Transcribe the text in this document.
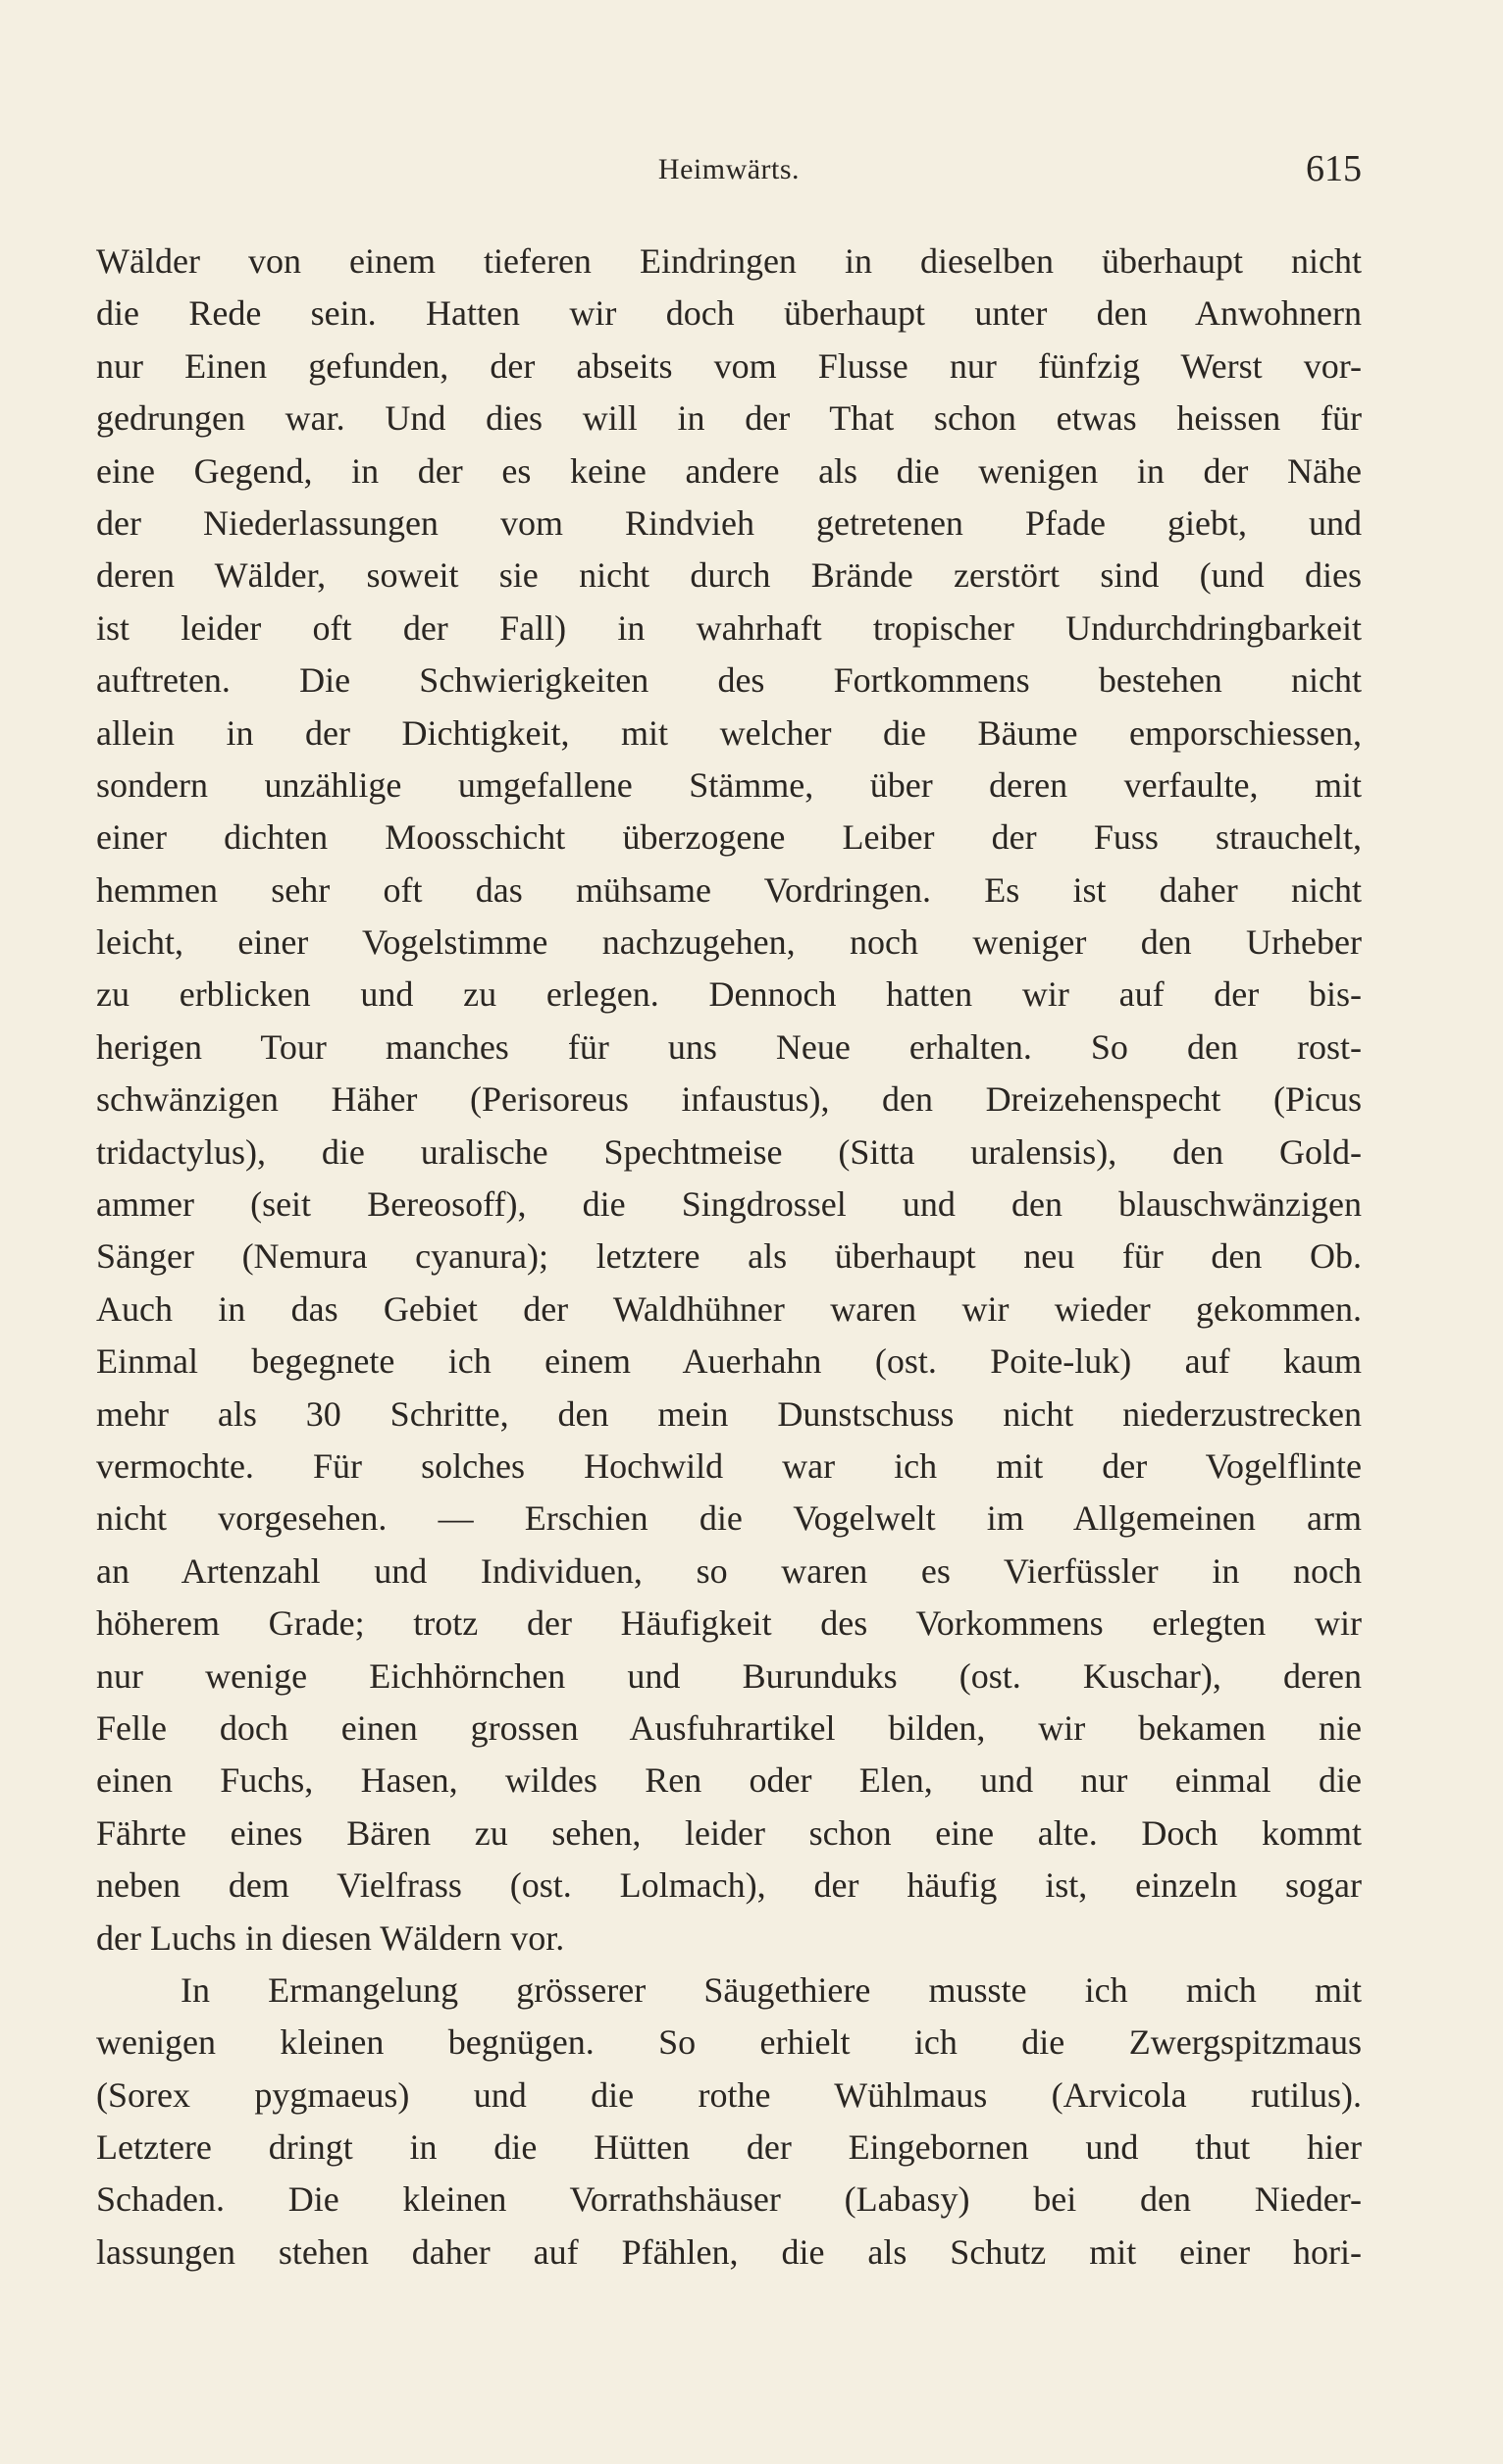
Heimwärts.	615
Wälder von einem tieferen Eindringen in dieselben überhaupt nicht
die Rede sein. Hatten wir doch überhaupt unter den Anwohnern
nur Einen gefunden, der abseits vom Flusse nur fünfzig Werst vor-
gedrungen war. Und dies will in der That schon etwas heissen für
eine Gegend, in der es keine andere als die wenigen in der Nähe
der Niederlassungen vom Rindvieh getretenen Pfade giebt, und
deren Wälder, soweit sie nicht durch Brände zerstört sind (und dies
ist leider oft der Fall) in wahrhaft tropischer Undurchdringbarkeit
auftreten. Die Schwierigkeiten des Fortkommens bestehen nicht
allein in der Dichtigkeit, mit welcher die Bäume emporschiessen,
sondern unzählige umgefallene Stämme, über deren verfaulte, mit
einer dichten Moosschicht überzogene Leiber der Fuss strauchelt,
hemmen sehr oft das mühsame Vordringen. Es ist daher nicht
leicht, einer Vogelstimme nachzugehen, noch weniger den Urheber
zu erblicken und zu erlegen. Dennoch hatten wir auf der bis-
herigen Tour manches für uns Neue erhalten. So den rost-
schwänzigen Häher (Perisoreus infaustus), den Dreizehenspecht (Picus
tridactylus), die uralische Spechtmeise (Sitta uralensis), den Gold-
ammer (seit Bereosoff), die Singdrossel und den blauschwänzigen
Sänger (Nemura cyanura); letztere als überhaupt neu für den Ob.
Auch in das Gebiet der Waldhühner waren wir wieder gekommen.
Einmal begegnete ich einem Auerhahn (ost. Poite-luk) auf kaum
mehr als 30 Schritte, den mein Dunstschuss nicht niederzustrecken
vermochte. Für solches Hochwild war ich mit der Vogelflinte
nicht vorgesehen. — Erschien die Vogelwelt im Allgemeinen arm
an Artenzahl und Individuen, so waren es Vierfüssler in noch
höherem Grade; trotz der Häufigkeit des Vorkommens erlegten wir
nur wenige Eichhörnchen und Burunduks (ost. Kuschar), deren
Felle doch einen grossen Ausfuhrartikel bilden, wir bekamen nie
einen Fuchs, Hasen, wildes Ren oder Elen, und nur einmal die
Fährte eines Bären zu sehen, leider schon eine alte. Doch kommt
neben dem Vielfrass (ost. Lolmach), der häufig ist, einzeln sogar
der Luchs in diesen Wäldern vor.
In Ermangelung grösserer Säugethiere musste ich mich mit
wenigen kleinen begnügen. So erhielt ich die Zwergspitzmaus
(Sorex pygmaeus) und die rothe Wühlmaus (Arvicola rutilus).
Letztere dringt in die Hütten der Eingebornen und thut hier
Schaden. Die kleinen Vorrathshäuser (Labasy) bei den Nieder-
lassungen stehen daher auf Pfählen, die als Schutz mit einer hori-
